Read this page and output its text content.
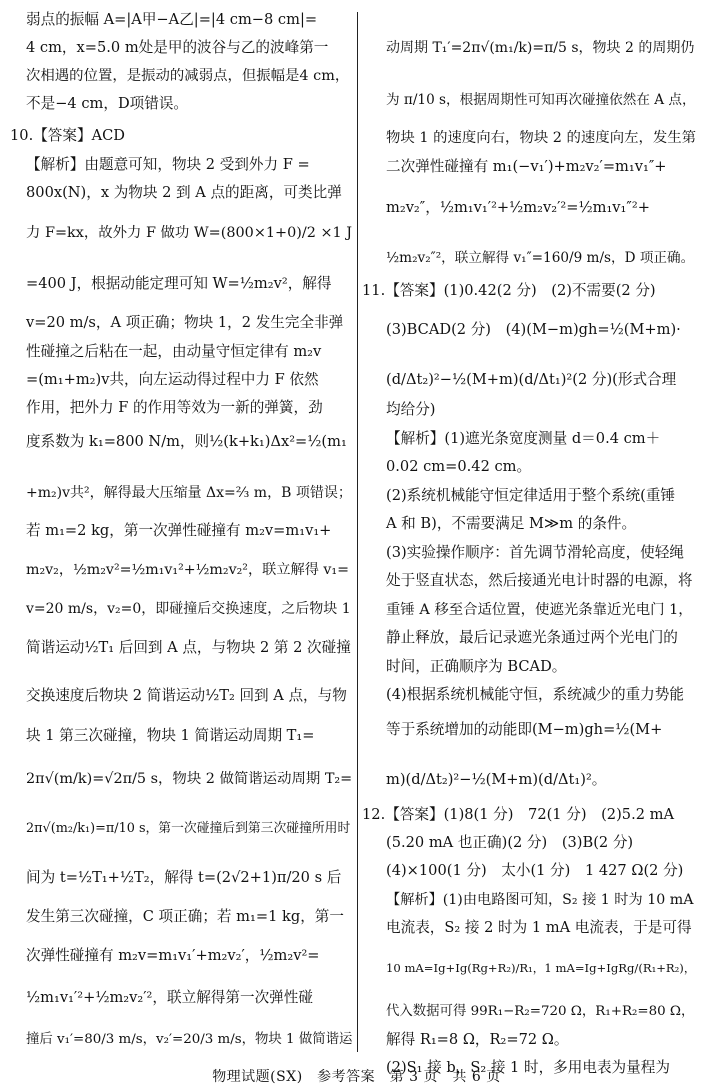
弱点的振幅 A=|A甲−A乙|=|4 cm−8 cm|=

4 cm，x=5.0 m处是甲的波谷与乙的波峰第一

次相遇的位置，是振动的减弱点，但振幅是4 cm，

不是−4 cm，D项错误。

10.【答案】ACD

【解析】由题意可知，物块 2 受到外力 F =

800x(N)，x 为物块 2 到 A 点的距离，可类比弹

力 F=kx，故外力 F 做功 W=(800×1+0)/2 ×1 J

=400 J，根据动能定理可知 W=½m₂v²，解得

v=20 m/s，A 项正确；物块 1，2 发生完全非弹

性碰撞之后粘在一起，由动量守恒定律有 m₂v

=(m₁+m₂)v共，向左运动得过程中力 F 依然

作用，把外力 F 的作用等效为一新的弹簧，劲

度系数为 k₁=800 N/m，则½(k+k₁)Δx²=½(m₁

+m₂)v共²，解得最大压缩量 Δx=⅔ m，B 项错误；

若 m₁=2 kg，第一次弹性碰撞有 m₂v=m₁v₁+

m₂v₂，½m₂v²=½m₁v₁²+½m₂v₂²，联立解得 v₁=

v=20 m/s，v₂=0，即碰撞后交换速度，之后物块 1

简谐运动½T₁ 后回到 A 点，与物块 2 第 2 次碰撞

交换速度后物块 2 简谐运动½T₂ 回到 A 点，与物

块 1 第三次碰撞，物块 1 简谐运动周期 T₁=

2π√(m/k)=√2π/5 s，物块 2 做简谐运动周期 T₂=

2π√(m₂/k₁)=π/10 s，第一次碰撞后到第三次碰撞所用时

间为 t=½T₁+½T₂，解得 t=(2√2+1)π/20 s 后

发生第三次碰撞，C 项正确；若 m₁=1 kg，第一

次弹性碰撞有 m₂v=m₁v₁′+m₂v₂′，½m₂v²=

½m₁v₁′²+½m₂v₂′²，联立解得第一次弹性碰

撞后 v₁′=80/3 m/s，v₂′=20/3 m/s，物块 1 做简谐运

动周期 T₁′=2π√(m₁/k)=π/5 s，物块 2 的周期仍

为 π/10 s，根据周期性可知再次碰撞依然在 A 点，

物块 1 的速度向右，物块 2 的速度向左，发生第

二次弹性碰撞有 m₁(−v₁′)+m₂v₂′=m₁v₁″+

m₂v₂″，½m₁v₁′²+½m₂v₂′²=½m₁v₁″²+

½m₂v₂″²，联立解得 v₁″=160/9 m/s，D 项正确。

11.【答案】(1)0.42(2 分)　(2)不需要(2 分)

(3)BCAD(2 分)　(4)(M−m)gh=½(M+m)·

(d/Δt₂)²−½(M+m)(d/Δt₁)²(2 分)(形式合理

均给分)

【解析】(1)遮光条宽度测量 d＝0.4 cm＋

0.02 cm=0.42 cm。

(2)系统机械能守恒定律适用于整个系统(重锤

A 和 B)，不需要满足 M≫m 的条件。

(3)实验操作顺序：首先调节滑轮高度，使轻绳

处于竖直状态，然后接通光电计时器的电源，将

重锤 A 移至合适位置，使遮光条靠近光电门 1，

静止释放，最后记录遮光条通过两个光电门的

时间，正确顺序为 BCAD。

(4)根据系统机械能守恒，系统减少的重力势能

等于系统增加的动能即(M−m)gh=½(M+

m)(d/Δt₂)²−½(M+m)(d/Δt₁)²。

12.【答案】(1)8(1 分)　72(1 分)　(2)5.2 mA

(5.20 mA 也正确)(2 分)　(3)B(2 分)

(4)×100(1 分)　太小(1 分)　1 427 Ω(2 分)

【解析】(1)由电路图可知，S₂ 接 1 时为 10 mA

电流表，S₂ 接 2 时为 1 mA 电流表，于是可得

10 mA=Ig+Ig(Rg+R₂)/R₁，1 mA=Ig+IgRg/(R₁+R₂)，

代入数据可得 99R₁−R₂=720 Ω，R₁+R₂=80 Ω，

解得 R₁=8 Ω，R₂=72 Ω。

(2)S₁ 接 b，S₂ 接 1 时，多用电表为量程为

物理试题(SX)　参考答案　第 3 页　共 6 页
